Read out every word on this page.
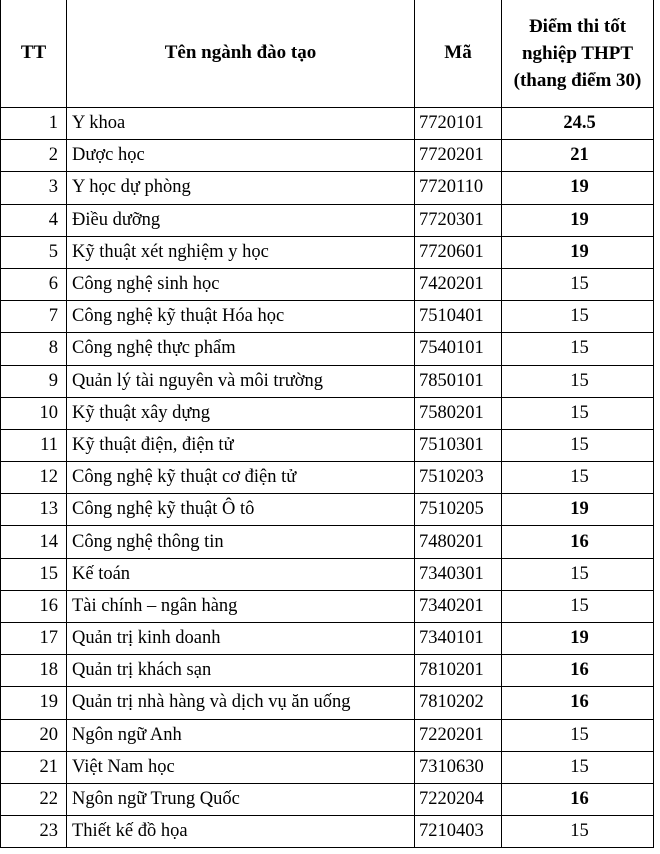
TT	Tên ngành đào tạo	Mã	Điểm thi tốt nghiệp THPT (thang điểm 30)
1	Y khoa	7720101	24.5
2	Dược học	7720201	21
3	Y học dự phòng	7720110	19
4	Điều dưỡng	7720301	19
5	Kỹ thuật xét nghiệm y học	7720601	19
6	Công nghệ sinh học	7420201	15
7	Công nghệ kỹ thuật Hóa học	7510401	15
8	Công nghệ thực phẩm	7540101	15
9	Quản lý tài nguyên và môi trường	7850101	15
10	Kỹ thuật xây dựng	7580201	15
11	Kỹ thuật điện, điện tử	7510301	15
12	Công nghệ kỹ thuật cơ điện tử	7510203	15
13	Công nghệ kỹ thuật Ô tô	7510205	19
14	Công nghệ thông tin	7480201	16
15	Kế toán	7340301	15
16	Tài chính – ngân hàng	7340201	15
17	Quản trị kinh doanh	7340101	19
18	Quản trị khách sạn	7810201	16
19	Quản trị nhà hàng và dịch vụ ăn uống	7810202	16
20	Ngôn ngữ Anh	7220201	15
21	Việt Nam học	7310630	15
22	Ngôn ngữ Trung Quốc	7220204	16
23	Thiết kế đồ họa	7210403	15
